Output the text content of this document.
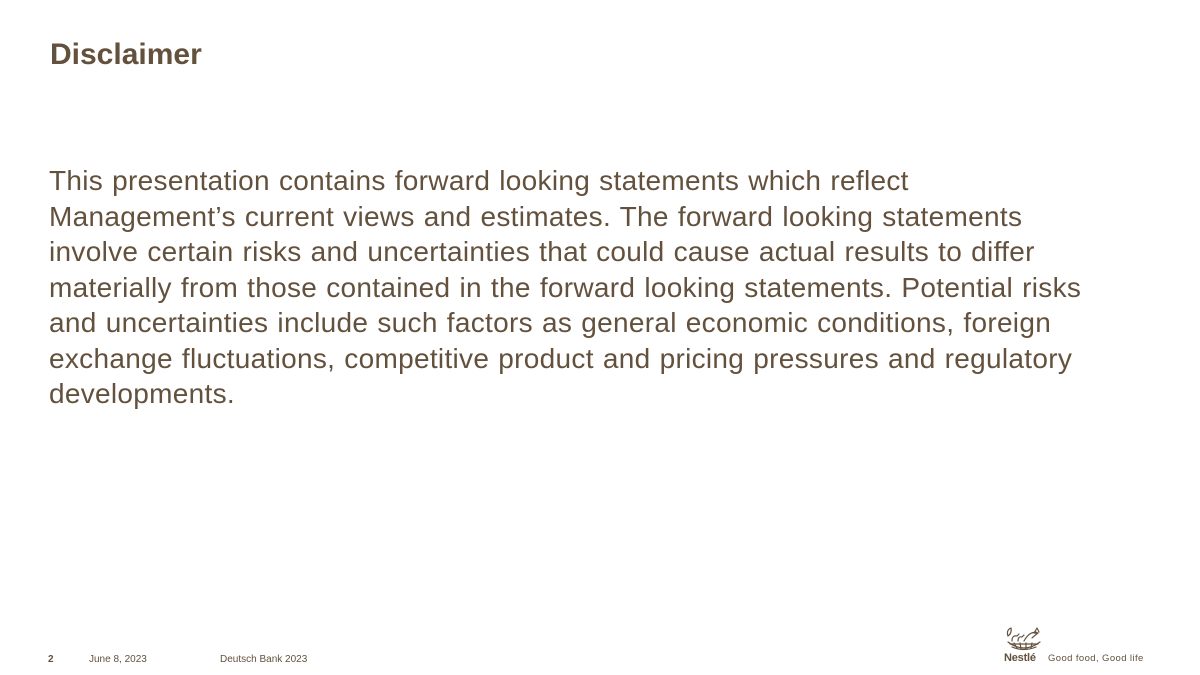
Disclaimer

This presentation contains forward looking statements which reflect Management’s current views and estimates. The forward looking statements involve certain risks and uncertainties that could cause actual results to differ materially from those contained in the forward looking statements. Potential risks and uncertainties include such factors as general economic conditions, foreign exchange fluctuations, competitive product and pricing pressures and regulatory developments.

2	June 8, 2023	Deutsch Bank 2023	Nestlé Good food, Good life
